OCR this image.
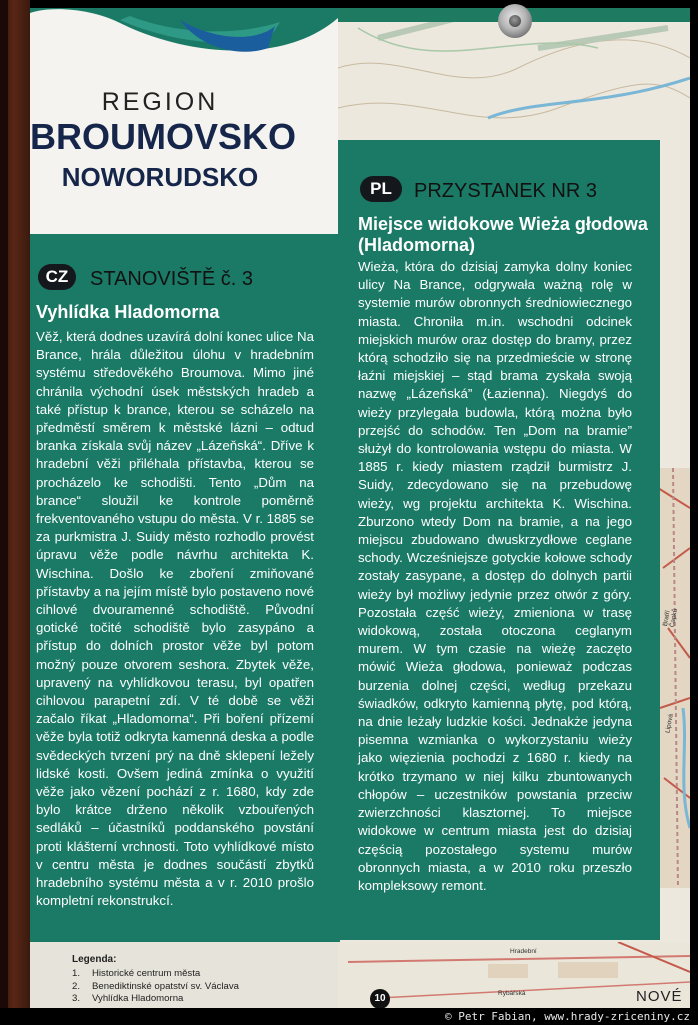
REGION
BROUMOVSKO
NOWORUDSKO
CZ	STANOVIŠTĚ č. 3
Vyhlídka Hladomorna

Věž, která dodnes uzavírá dolní konec ulice Na Brance, hrála důležitou úlohu v hradebním systému středověkého Broumova. Mimo jiné chránila východní úsek městských hradeb a také přístup k brance, kterou se scházelo na předměstí směrem k městské lázni – odtud branka získala svůj název „Lázeňská“. Dříve k hradební věži přiléhala přístavba, kterou se procházelo ke schodišti. Tento „Dům na brance“ sloužil ke kontrole poměrně frekventovaného vstupu do města. V r. 1885 se za purkmistra J. Suidy město rozhodlo provést úpravu věže podle návrhu architekta K. Wischina. Došlo ke zboření zmiňované přístavby a na jejím místě bylo postaveno nové cihlové dvouramenné schodiště. Původní gotické točité schodiště bylo zasypáno a přístup do dolních prostor věže byl potom možný pouze otvorem seshora. Zbytek věže, upravený na vyhlídkovou terasu, byl opatřen cihlovou parapetní zdí. V té době se věži začalo říkat „Hladomorna“. Při boření přízemí věže byla totiž odkryta kamenná deska a podle svědeckých tvrzení prý na dně sklepení ležely lidské kosti. Ovšem jediná zmínka o využití věže jako vězení pochází z r. 1680, kdy zde bylo krátce drženo několik vzbouřených sedláků – účastníků poddanského povstání proti klášterní vrchnosti. Toto vyhlídkové místo v centru města je dodnes součástí zbytků hradebního systému města a v r. 2010 prošlo kompletní rekonstrukcí.

PL	PRZYSTANEK NR 3
Miejsce widokowe Wieża głodowa (Hladomorna)

Wieża, która do dzisiaj zamyka dolny koniec ulicy Na Brance, odgrywała ważną rolę w systemie murów obronnych średniowiecznego miasta. Chroniła m.in. wschodni odcinek miejskich murów oraz dostęp do bramy, przez którą schodziło się na przedmieście w stronę łaźni miejskiej – stąd brama zyskała swoją nazwę „Lázeňská” (Łazienna). Niegdyś do wieży przylegała budowla, którą można było przejść do schodów. Ten „Dom na bramie” służył do kontrolowania wstępu do miasta. W 1885 r. kiedy miastem rządził burmistrz J. Suidy, zdecydowano się na przebudowę wieży, wg projektu architekta K. Wischina. Zburzono wtedy Dom na bramie, a na jego miejscu zbudowano dwuskrzydłowe ceglane schody. Wcześniejsze gotyckie kołowe schody zostały zasypane, a dostęp do dolnych partii wieży był możliwy jedynie przez otwór z góry. Pozostała część wieży, zmieniona w trasę widokową, została otoczona ceglanym murem. W tym czasie na wieżę zaczęto mówić Wieża głodowa, ponieważ podczas burzenia dolnej części, według przekazu świadków, odkryto kamienną płytę, pod którą, na dnie leżały ludzkie kości. Jednakże jedyna pisemna wzmianka o wykorzystaniu wieży jako więzienia pochodzi z 1680 r. kiedy na krótko trzymano w niej kilku zbuntowanych chłopów – uczestników powstania przeciw zwierzchności klasztornej. To miejsce widokowe w centrum miasta jest do dzisiaj częścią pozostałego systemu murów obronnych miasta, a w 2010 roku przeszło kompleksowy remont.

Legenda:
1. Historické centrum města
2. Benediktinské opatství sv. Václava
3. Vyhlídka Hladomorna	Rybářská
Hradební
Bratří Čapků
Lipová
10	NOVÉ
© Petr Fabian, www.hrady-zriceniny.cz
